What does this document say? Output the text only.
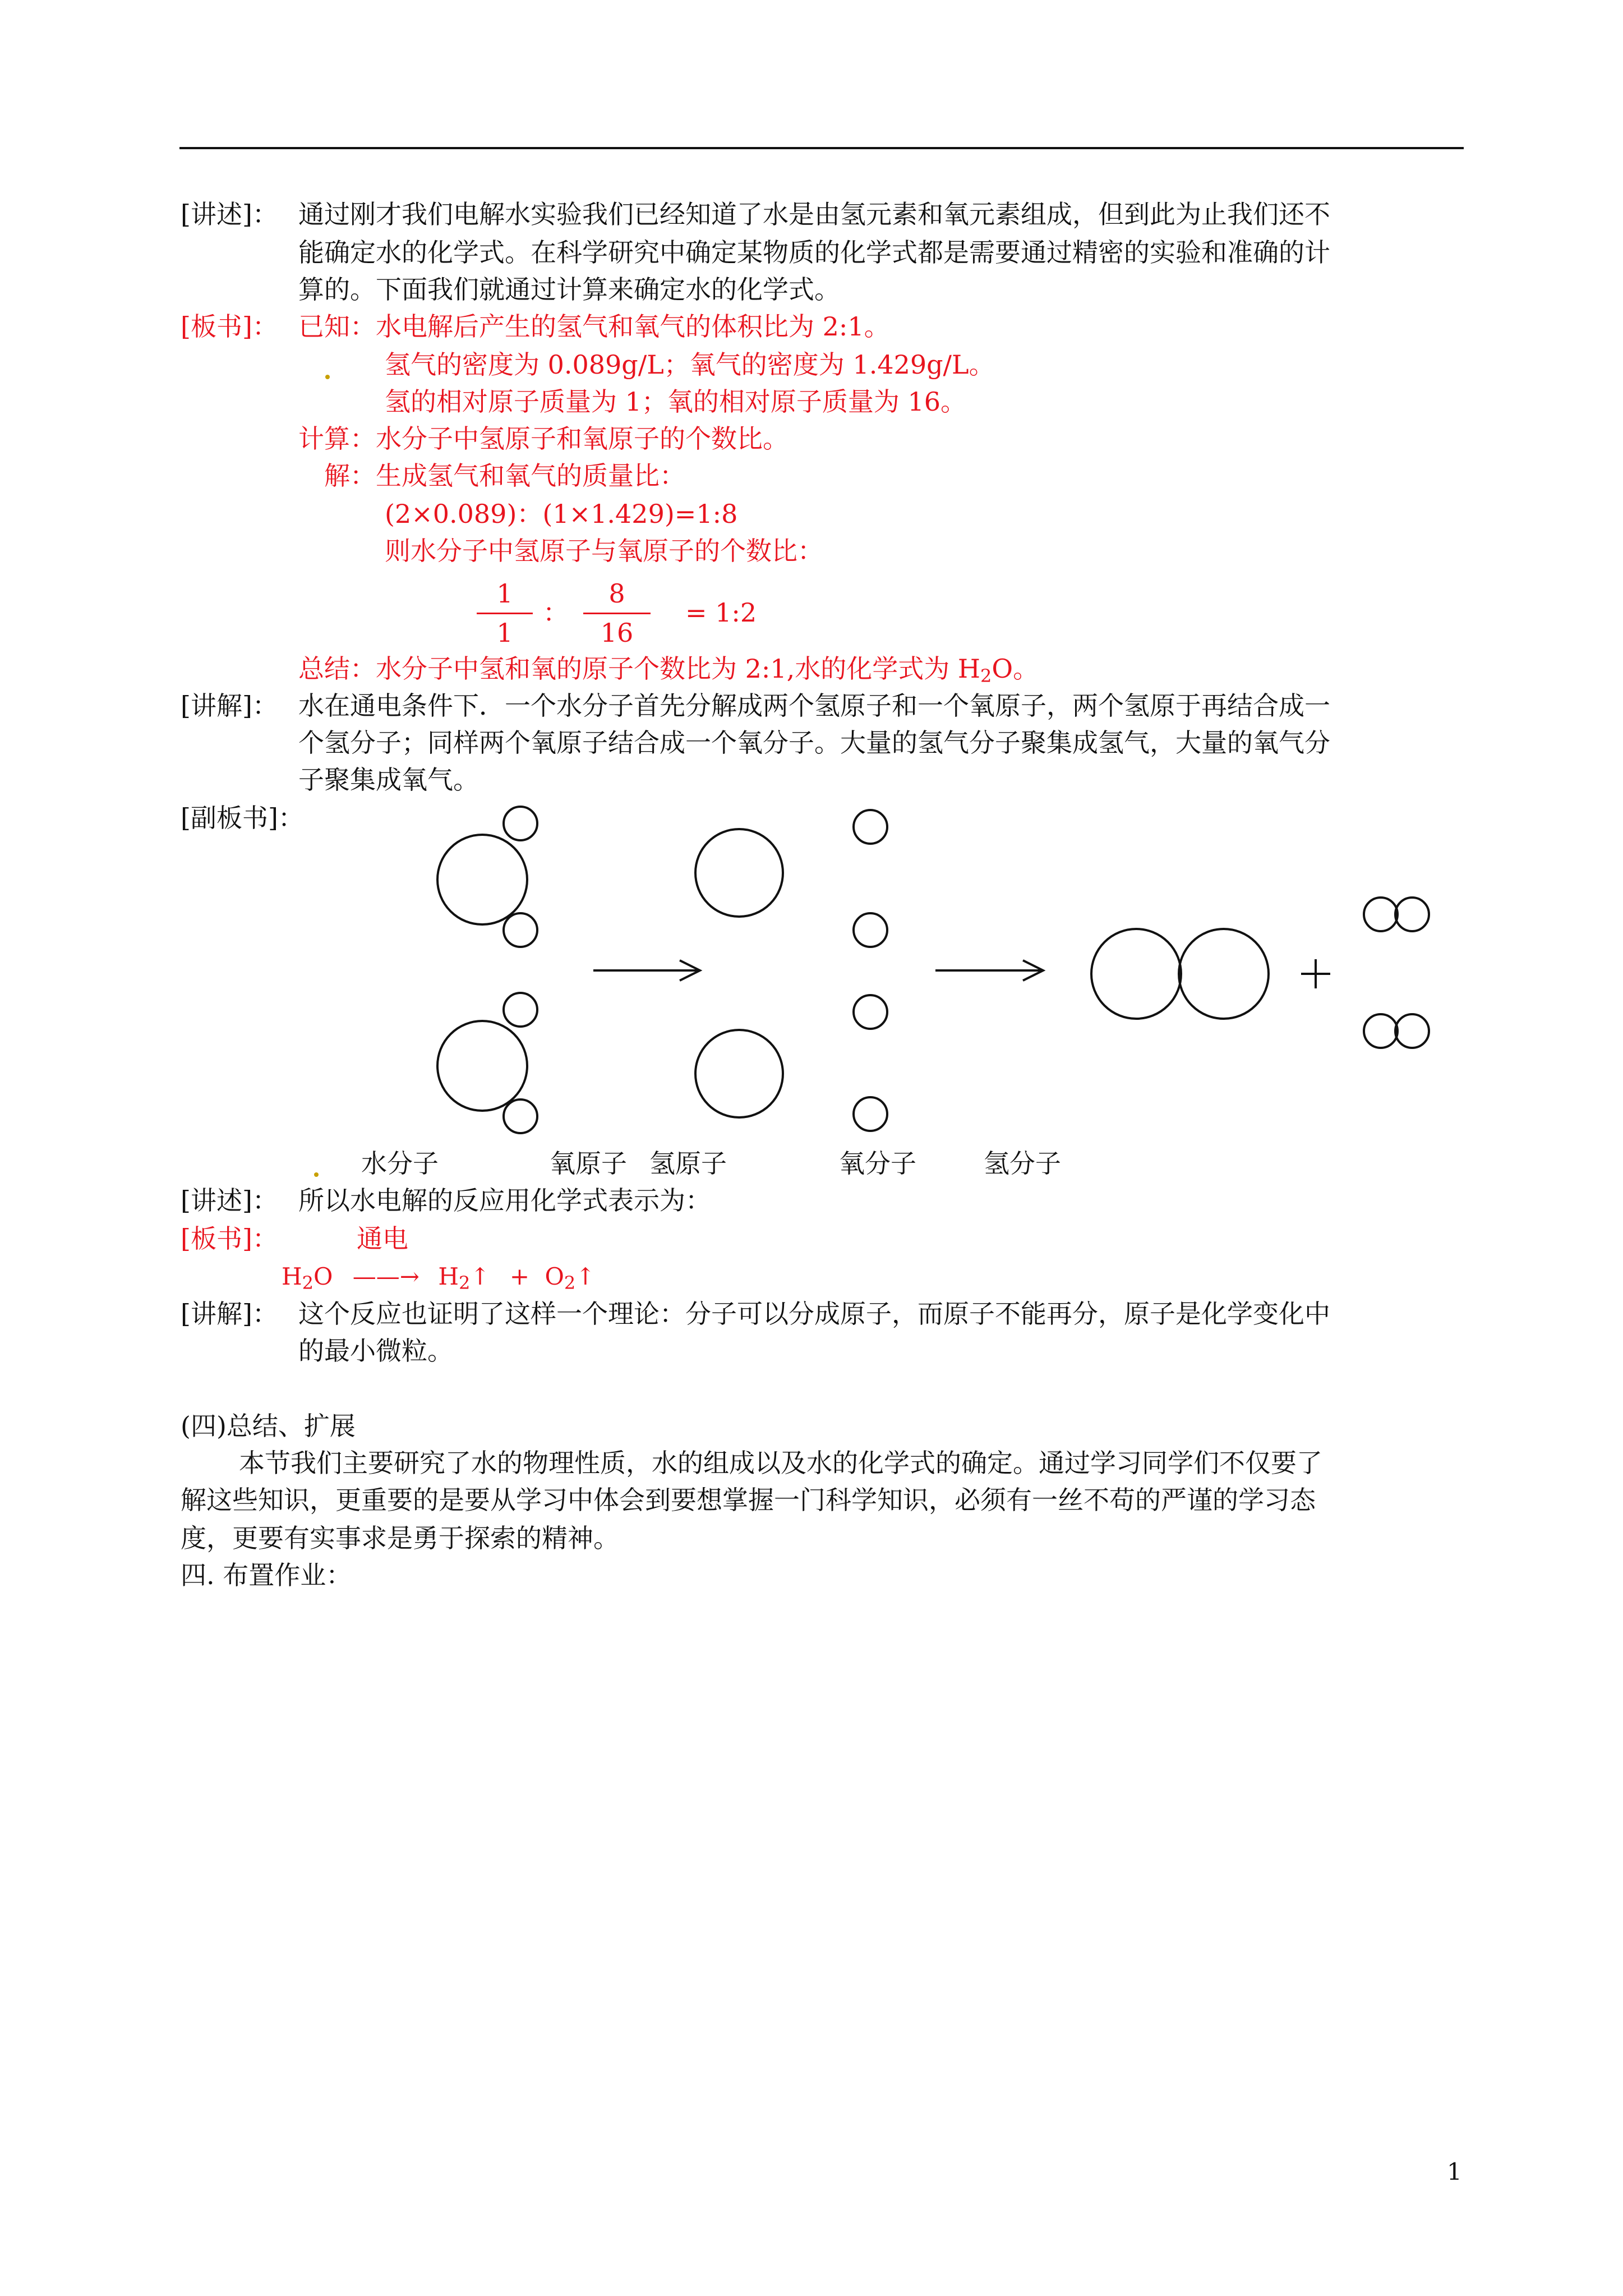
[讲述]： 通过刚才我们电解水实验我们已经知道了水是由氢元素和氧元素组成，但到此为止我们还不
能确定水的化学式。在科学研究中确定某物质的化学式都是需要通过精密的实验和准确的计
算的。下面我们就通过计算来确定水的化学式。
[板书]： 已知：水电解后产生的氢气和氧气的体积比为 2:1。
氢气的密度为 0.089g/L；氧气的密度为 1.429g/L。
氢的相对原子质量为 1；氧的相对原子质量为 16。
计算：水分子中氢原子和氧原子的个数比。
解：生成氢气和氧气的质量比：
(2×0.089)：(1×1.429)=1:8
则水分子中氢原子与氧原子的个数比：
1
1
：
8
16
= 1:2
总结：水分子中氢和氧的原子个数比为 2:1,水的化学式为 $H_2O$。
[讲解]： 水在通电条件下．一个水分子首先分解成两个氢原子和一个氧原子，两个氢原于再结合成一
个氢分子；同样两个氧原子结合成一个氧分子。大量的氢气分子聚集成氢气，大量的氧气分
子聚集成氧气。
[副板书]：
水分子	氧原子 氢原子	氧分子	氢分子
[讲述]： 所以水电解的反应用化学式表示为：
[板书]：	通电
$H_2O$ ——→ $H_2↑$ + $O_2↑$
[讲解]： 这个反应也证明了这样一个理论：分子可以分成原子，而原子不能再分，原子是化学变化中
的最小微粒。
(四)总结、扩展
本节我们主要研究了水的物理性质，水的组成以及水的化学式的确定。通过学习同学们不仅要了
解这些知识，更重要的是要从学习中体会到要想掌握一门科学知识，必须有一丝不苟的严谨的学习态
度，更要有实事求是勇于探索的精神。
四. 布置作业：
1
